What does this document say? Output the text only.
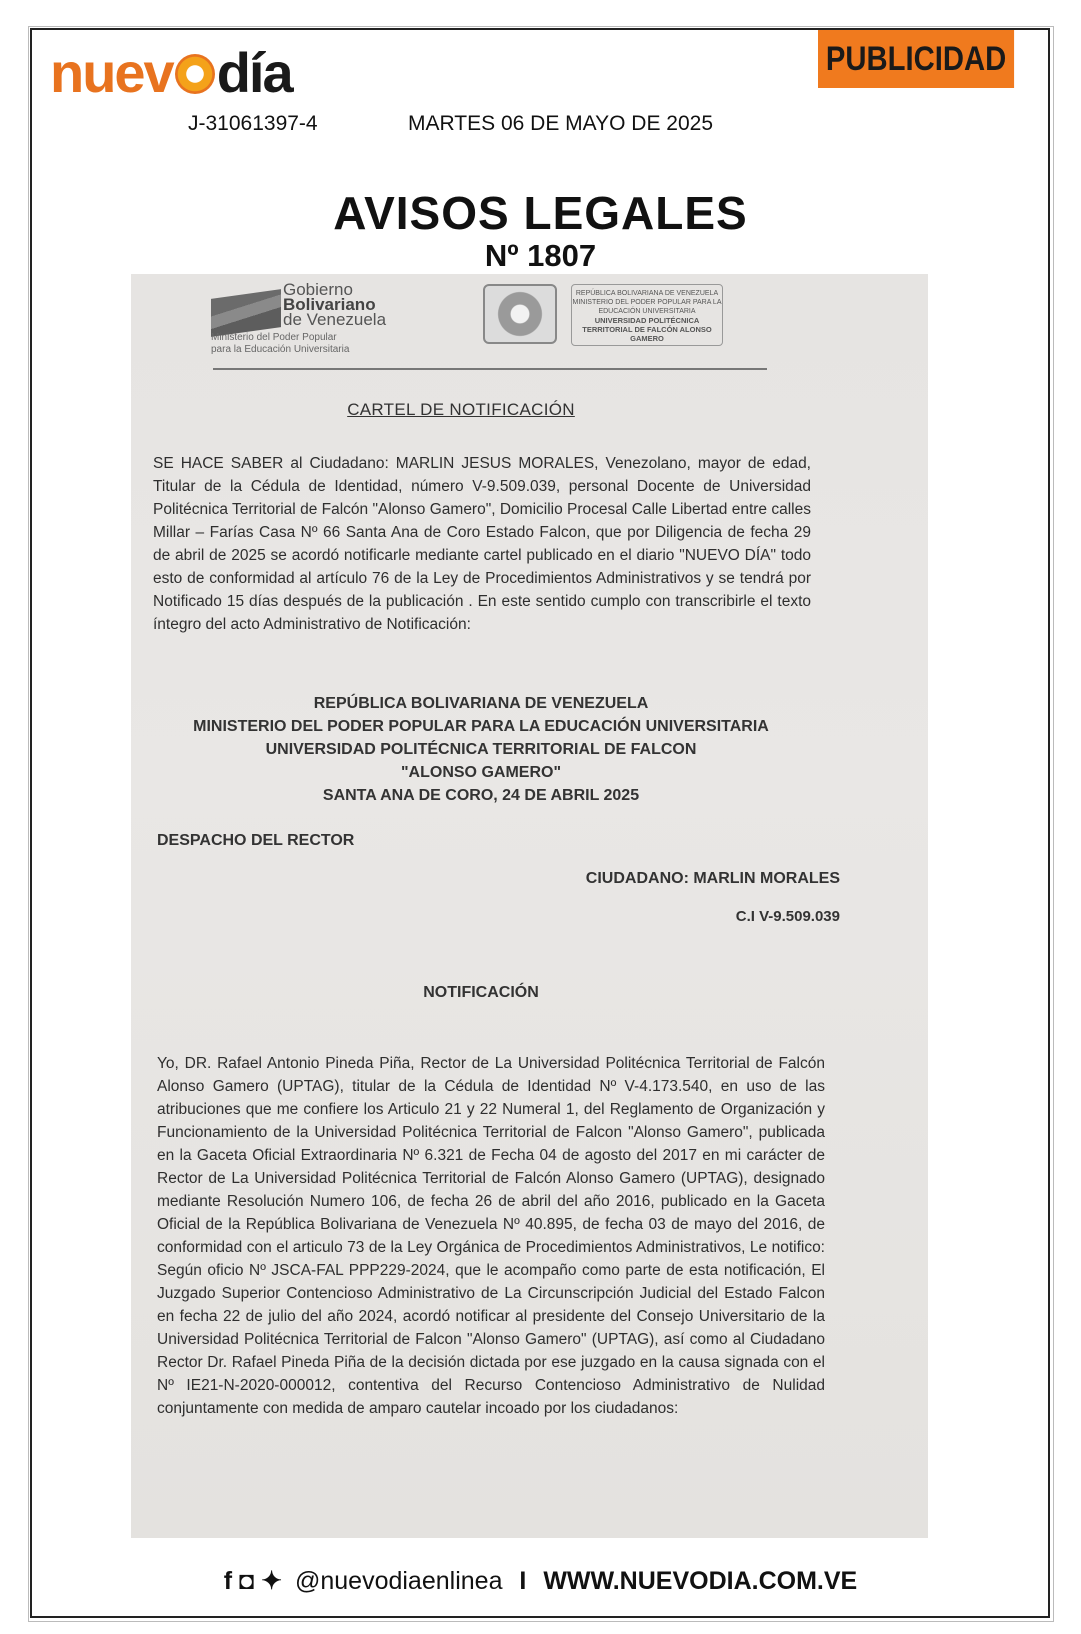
nuev día
J-31061397-4	MARTES 06 DE MAYO DE 2025
PUBLICIDAD
AVISOS LEGALES
Nº 1807
Gobierno
Bolivariano
de Venezuela
Ministerio del Poder Popular
para la Educación Universitaria
REPÚBLICA BOLIVARIANA DE VENEZUELA MINISTERIO DEL PODER POPULAR PARA LA EDUCACIÓN UNIVERSITARIA
UNIVERSIDAD POLITÉCNICA TERRITORIAL DE FALCÓN ALONSO GAMERO
CARTEL DE NOTIFICACIÓN
SE HACE SABER al Ciudadano: MARLIN JESUS MORALES, Venezolano, mayor de edad, Titular de la Cédula de Identidad, número V-9.509.039, personal Docente de Universidad Politécnica Territorial de Falcón "Alonso Gamero", Domicilio Procesal Calle Libertad entre calles Millar – Farías Casa Nº 66 Santa Ana de Coro Estado Falcon, que por Diligencia de fecha 29 de abril de 2025 se acordó notificarle mediante cartel publicado en el diario "NUEVO DÍA" todo esto de conformidad al artículo 76 de la Ley de Procedimientos Administrativos y se tendrá por Notificado 15 días después de la publicación . En este sentido cumplo con transcribirle el texto íntegro del acto Administrativo de Notificación:
REPÚBLICA BOLIVARIANA DE VENEZUELA
MINISTERIO DEL PODER POPULAR PARA LA EDUCACIÓN UNIVERSITARIA
UNIVERSIDAD POLITÉCNICA TERRITORIAL DE FALCON
"ALONSO GAMERO"
SANTA ANA DE CORO, 24 DE ABRIL 2025
DESPACHO DEL RECTOR
CIUDADANO: MARLIN MORALES
C.I V-9.509.039
NOTIFICACIÓN
Yo, DR. Rafael Antonio Pineda Piña, Rector de La Universidad Politécnica Territorial de Falcón Alonso Gamero (UPTAG), titular de la Cédula de Identidad Nº V-4.173.540, en uso de las atribuciones que me confiere los Articulo 21 y 22 Numeral 1, del Reglamento de Organización y Funcionamiento de la Universidad Politécnica Territorial de Falcon "Alonso Gamero", publicada en la Gaceta Oficial Extraordinaria Nº 6.321 de Fecha 04 de agosto del 2017 en mi carácter de Rector de La Universidad Politécnica Territorial de Falcón Alonso Gamero (UPTAG), designado mediante Resolución Numero 106, de fecha 26 de abril del año 2016, publicado en la Gaceta Oficial de la República Bolivariana de Venezuela Nº 40.895, de fecha 03 de mayo del 2016, de conformidad con el articulo 73 de la Ley Orgánica de Procedimientos Administrativos, Le notifico: Según oficio Nº JSCA-FAL PPP229-2024, que le acompaño como parte de esta notificación, El Juzgado Superior Contencioso Administrativo de La Circunscripción Judicial del Estado Falcon en fecha 22 de julio del año 2024, acordó notificar al presidente del Consejo Universitario de la Universidad Politécnica Territorial de Falcon "Alonso Gamero" (UPTAG), así como al Ciudadano Rector Dr. Rafael Pineda Piña de la decisión dictada por ese juzgado en la causa signada con el Nº IE21-N-2020-000012, contentiva del Recurso Contencioso Administrativo de Nulidad conjuntamente con medida de amparo cautelar incoado por los ciudadanos:
f ◘ ✦ @nuevodiaenlinea I WWW.NUEVODIA.COM.VE
